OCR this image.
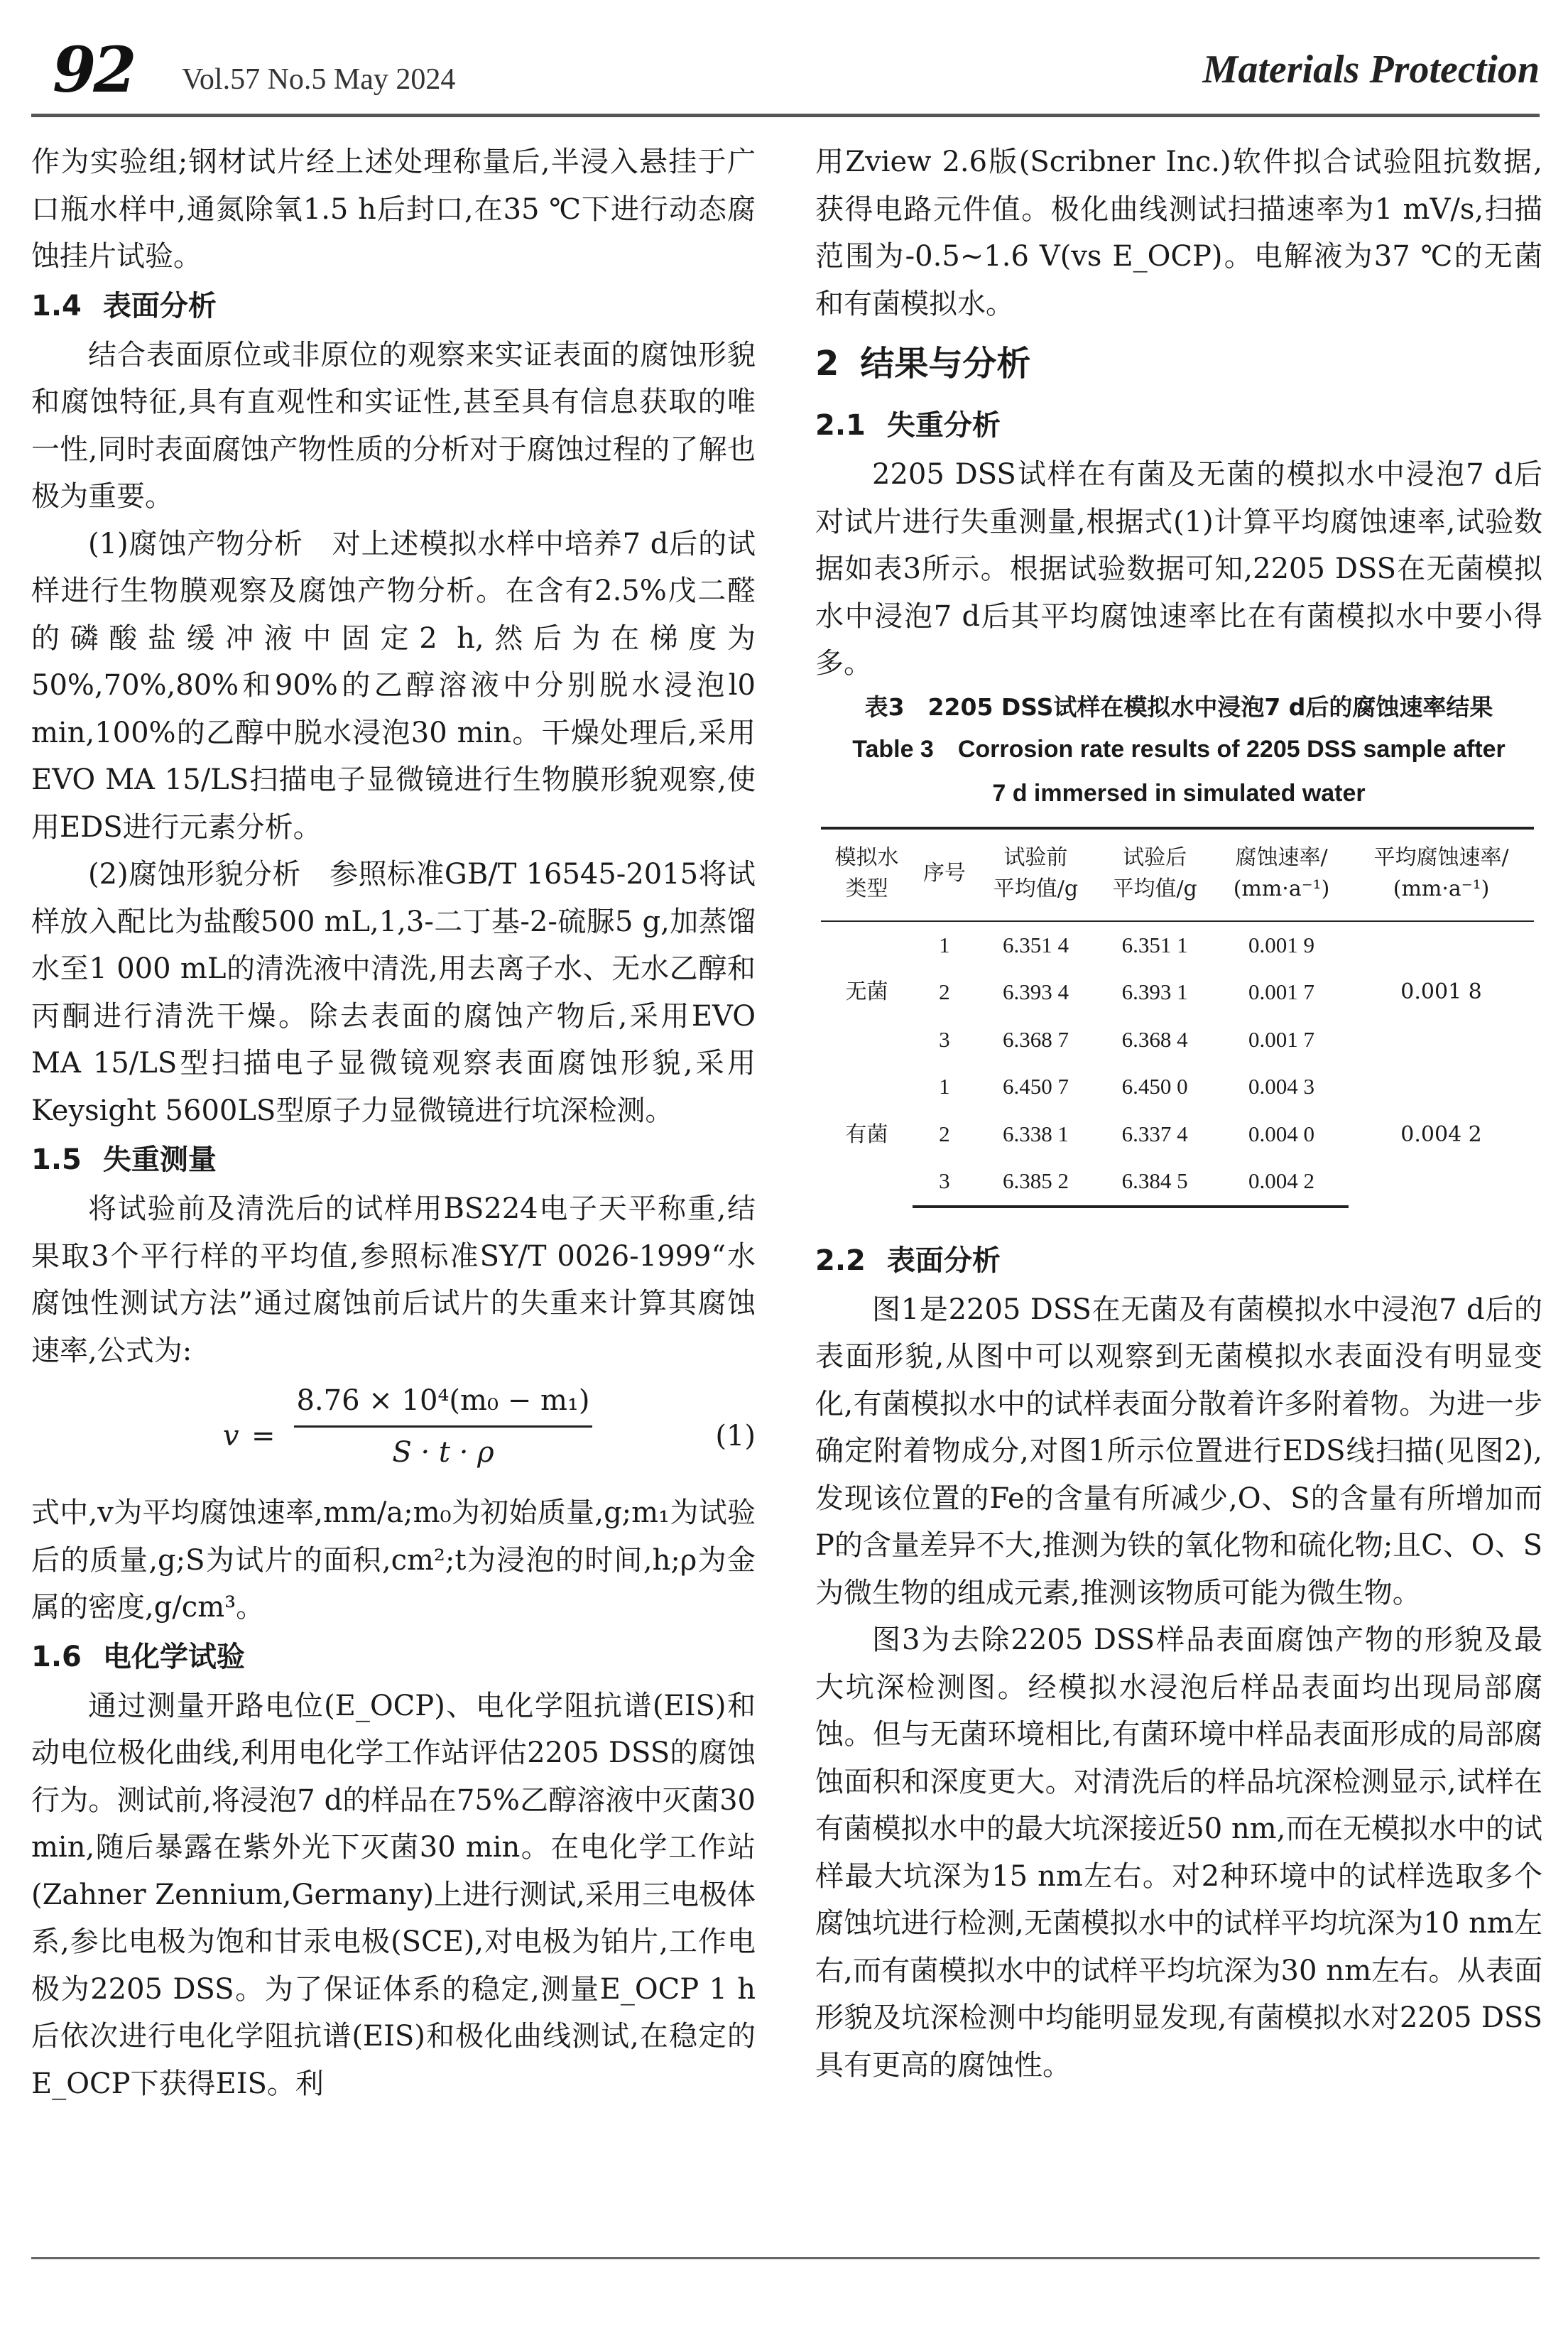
92 Vol.57 No.5 May 2024	Materials Protection

作为实验组;钢材试片经上述处理称量后,半浸入悬挂于广口瓶水样中,通氮除氧1.5 h后封口,在35 ℃下进行动态腐蚀挂片试验。

1.4 表面分析

结合表面原位或非原位的观察来实证表面的腐蚀形貌和腐蚀特征,具有直观性和实证性,甚至具有信息获取的唯一性,同时表面腐蚀产物性质的分析对于腐蚀过程的了解也极为重要。

(1)腐蚀产物分析　对上述模拟水样中培养7 d后的试样进行生物膜观察及腐蚀产物分析。在含有2.5%戊二醛的磷酸盐缓冲液中固定2 h,然后为在梯度为50%,70%,80%和90%的乙醇溶液中分别脱水浸泡l0 min,100%的乙醇中脱水浸泡30 min。干燥处理后,采用EVO MA 15/LS扫描电子显微镜进行生物膜形貌观察,使用EDS进行元素分析。

(2)腐蚀形貌分析　参照标准GB/T 16545-2015将试样放入配比为盐酸500 mL,1,3-二丁基-2-硫脲5 g,加蒸馏水至1 000 mL的清洗液中清洗,用去离子水、无水乙醇和丙酮进行清洗干燥。除去表面的腐蚀产物后,采用EVO MA 15/LS型扫描电子显微镜观察表面腐蚀形貌,采用Keysight 5600LS型原子力显微镜进行坑深检测。

1.5 失重测量

将试验前及清洗后的试样用BS224电子天平称重,结果取3个平行样的平均值,参照标准SY/T 0026-1999“水腐蚀性测试方法”通过腐蚀前后试片的失重来计算其腐蚀速率,公式为:

v =
8.76 × 10⁴(m₀ − m₁)
S · t · ρ	(1)

式中,v为平均腐蚀速率,mm/a;m₀为初始质量,g;m₁为试验后的质量,g;S为试片的面积,cm²;t为浸泡的时间,h;ρ为金属的密度,g/cm³。

1.6 电化学试验

通过测量开路电位(E_OCP)、电化学阻抗谱(EIS)和动电位极化曲线,利用电化学工作站评估2205 DSS的腐蚀行为。测试前,将浸泡7 d的样品在75%乙醇溶液中灭菌30 min,随后暴露在紫外光下灭菌30 min。在电化学工作站(Zahner Zennium,Germany)上进行测试,采用三电极体系,参比电极为饱和甘汞电极(SCE),对电极为铂片,工作电极为2205 DSS。为了保证体系的稳定,测量E_OCP 1 h后依次进行电化学阻抗谱(EIS)和极化曲线测试,在稳定的E_OCP下获得EIS。利

用Zview 2.6版(Scribner Inc.)软件拟合试验阻抗数据,获得电路元件值。极化曲线测试扫描速率为1 mV/s,扫描范围为-0.5~1.6 V(vs E_OCP)。电解液为37 ℃的无菌和有菌模拟水。

2 结果与分析
2.1 失重分析

2205 DSS试样在有菌及无菌的模拟水中浸泡7 d后对试片进行失重测量,根据式(1)计算平均腐蚀速率,试验数据如表3所示。根据试验数据可知,2205 DSS在无菌模拟水中浸泡7 d后其平均腐蚀速率比在有菌模拟水中要小得多。

表3　2205 DSS试样在模拟水中浸泡7 d后的腐蚀速率结果
Table 3　Corrosion rate results of 2205 DSS sample after
7 d immersed in simulated water
模拟水
类型	序号	试验前
平均值/g	试验后
平均值/g	腐蚀速率/
(mm·a⁻¹)	平均腐蚀速率/
(mm·a⁻¹)
无菌	1	6.351 4	6.351 1	0.001 9	0.001 8
	2	6.393 4	6.393 1	0.001 7	
	3	6.368 7	6.368 4	0.001 7	
有菌	1	6.450 7	6.450 0	0.004 3	0.004 2
	2	6.338 1	6.337 4	0.004 0	
	3	6.385 2	6.384 5	0.004 2	
2.2 表面分析

图1是2205 DSS在无菌及有菌模拟水中浸泡7 d后的表面形貌,从图中可以观察到无菌模拟水表面没有明显变化,有菌模拟水中的试样表面分散着许多附着物。为进一步确定附着物成分,对图1所示位置进行EDS线扫描(见图2),发现该位置的Fe的含量有所减少,O、S的含量有所增加而P的含量差异不大,推测为铁的氧化物和硫化物;且C、O、S为微生物的组成元素,推测该物质可能为微生物。

图3为去除2205 DSS样品表面腐蚀产物的形貌及最大坑深检测图。经模拟水浸泡后样品表面均出现局部腐蚀。但与无菌环境相比,有菌环境中样品表面形成的局部腐蚀面积和深度更大。对清洗后的样品坑深检测显示,试样在有菌模拟水中的最大坑深接近50 nm,而在无模拟水中的试样最大坑深为15 nm左右。对2种环境中的试样选取多个腐蚀坑进行检测,无菌模拟水中的试样平均坑深为10 nm左右,而有菌模拟水中的试样平均坑深为30 nm左右。从表面形貌及坑深检测中均能明显发现,有菌模拟水对2205 DSS具有更高的腐蚀性。
